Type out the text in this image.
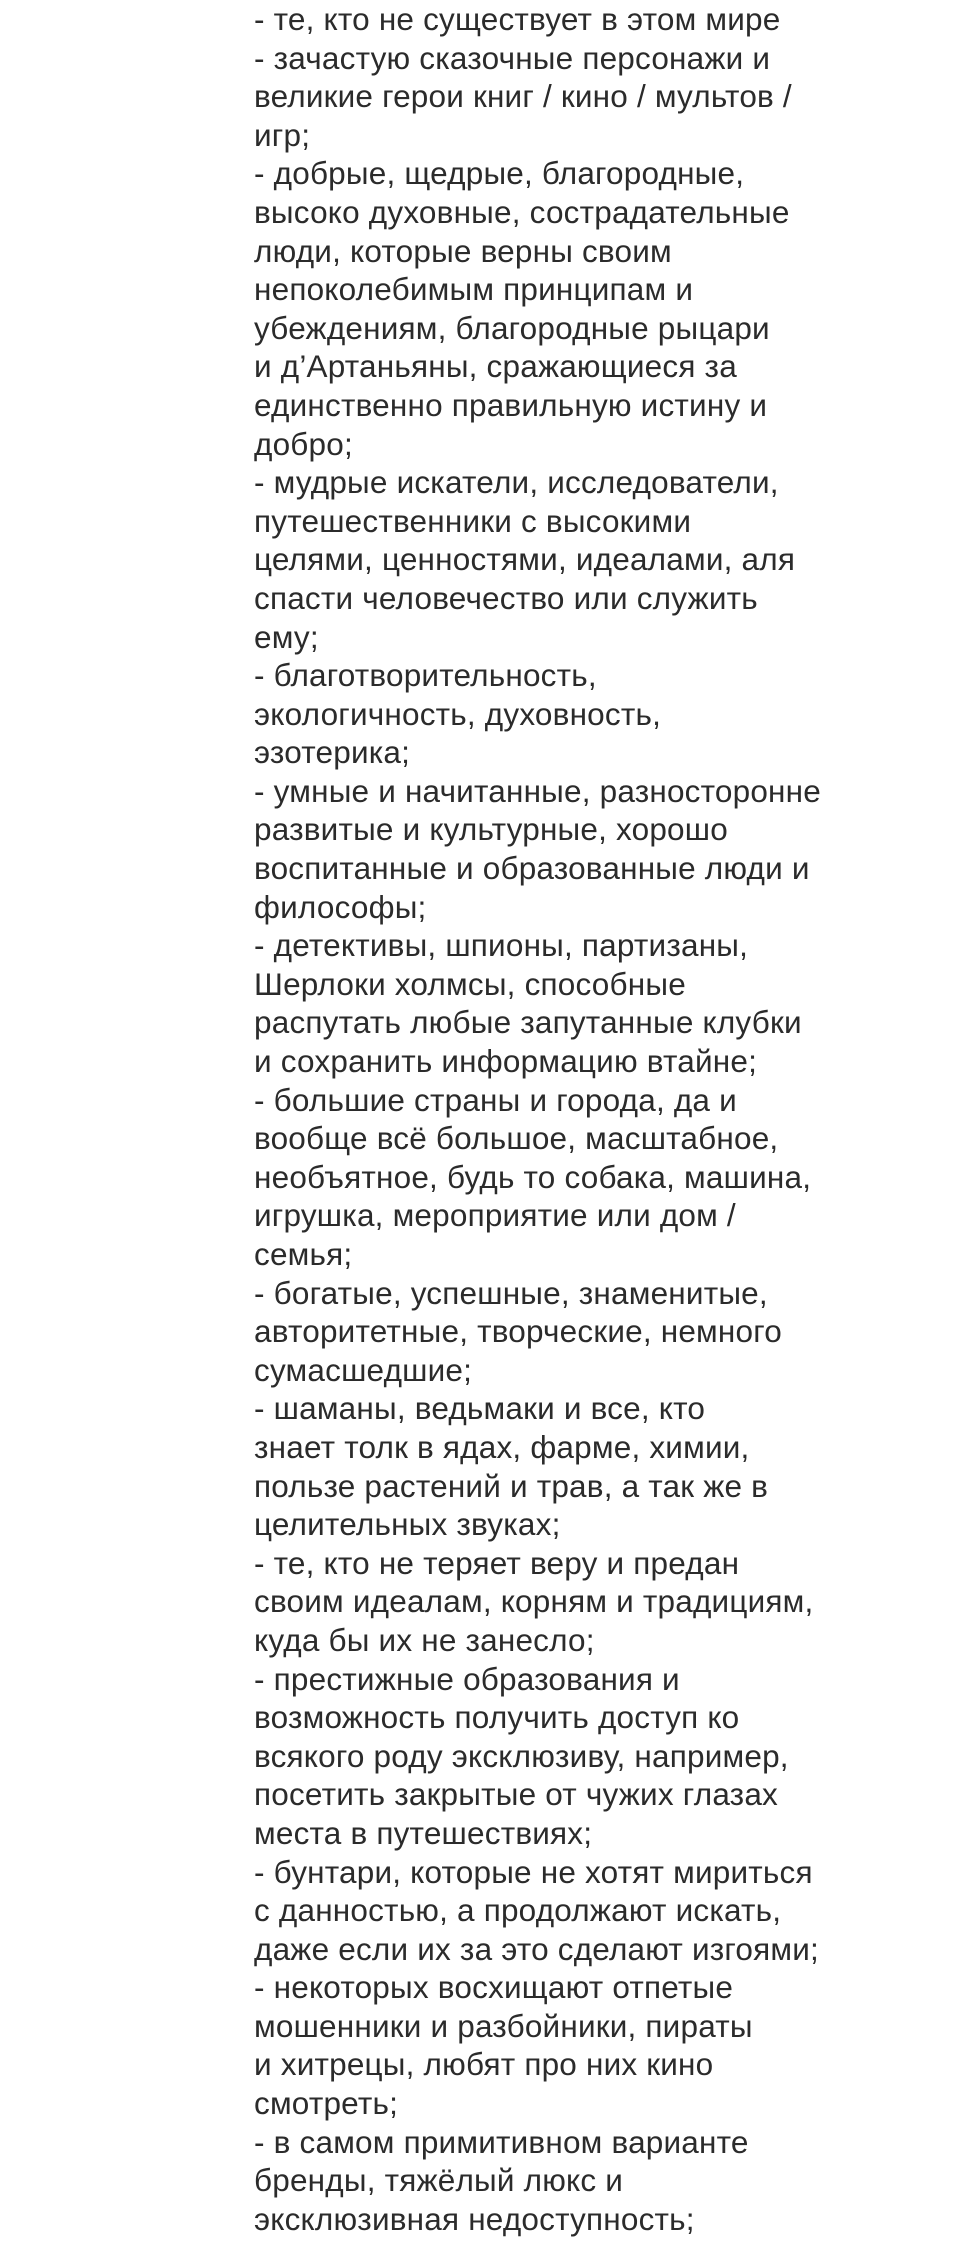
- те, кто не существует в этом мире
- зачастую сказочные персонажи и
великие герои книг / кино / мультов /
игр;
- добрые, щедрые, благородные,
высоко духовные, сострадательные
люди, которые верны своим
непоколебимым принципам и
убеждениям, благородные рыцари
и д’Артаньяны, сражающиеся за
единственно правильную истину и
добро;
- мудрые искатели, исследователи,
путешественники с высокими
целями, ценностями, идеалами, аля
спасти человечество или служить
ему;
- благотворительность,
экологичность, духовность,
эзотерика;
- умные и начитанные, разносторонне
развитые и культурные, хорошо
воспитанные и образованные люди и
философы;
- детективы, шпионы, партизаны,
Шерлоки холмсы, способные
распутать любые запутанные клубки
и сохранить информацию втайне;
- большие страны и города, да и
вообще всё большое, масштабное,
необъятное, будь то собака, машина,
игрушка, мероприятие или дом /
семья;
- богатые, успешные, знаменитые,
авторитетные, творческие, немного
сумасшедшие;
- шаманы, ведьмаки и все, кто
знает толк в ядах, фарме, химии,
пользе растений и трав, а так же в
целительных звуках;
- те, кто не теряет веру и предан
своим идеалам, корням и традициям,
куда бы их не занесло;
- престижные образования и
возможность получить доступ ко
всякого роду эксклюзиву, например,
посетить закрытые от чужих глазах
места в путешествиях;
- бунтари, которые не хотят мириться
с данностью, а продолжают искать,
даже если их за это сделают изгоями;
- некоторых восхищают отпетые
мошенники и разбойники, пираты
и хитрецы, любят про них кино
смотреть;
- в самом примитивном варианте
бренды, тяжёлый люкс и
эксклюзивная недоступность;
